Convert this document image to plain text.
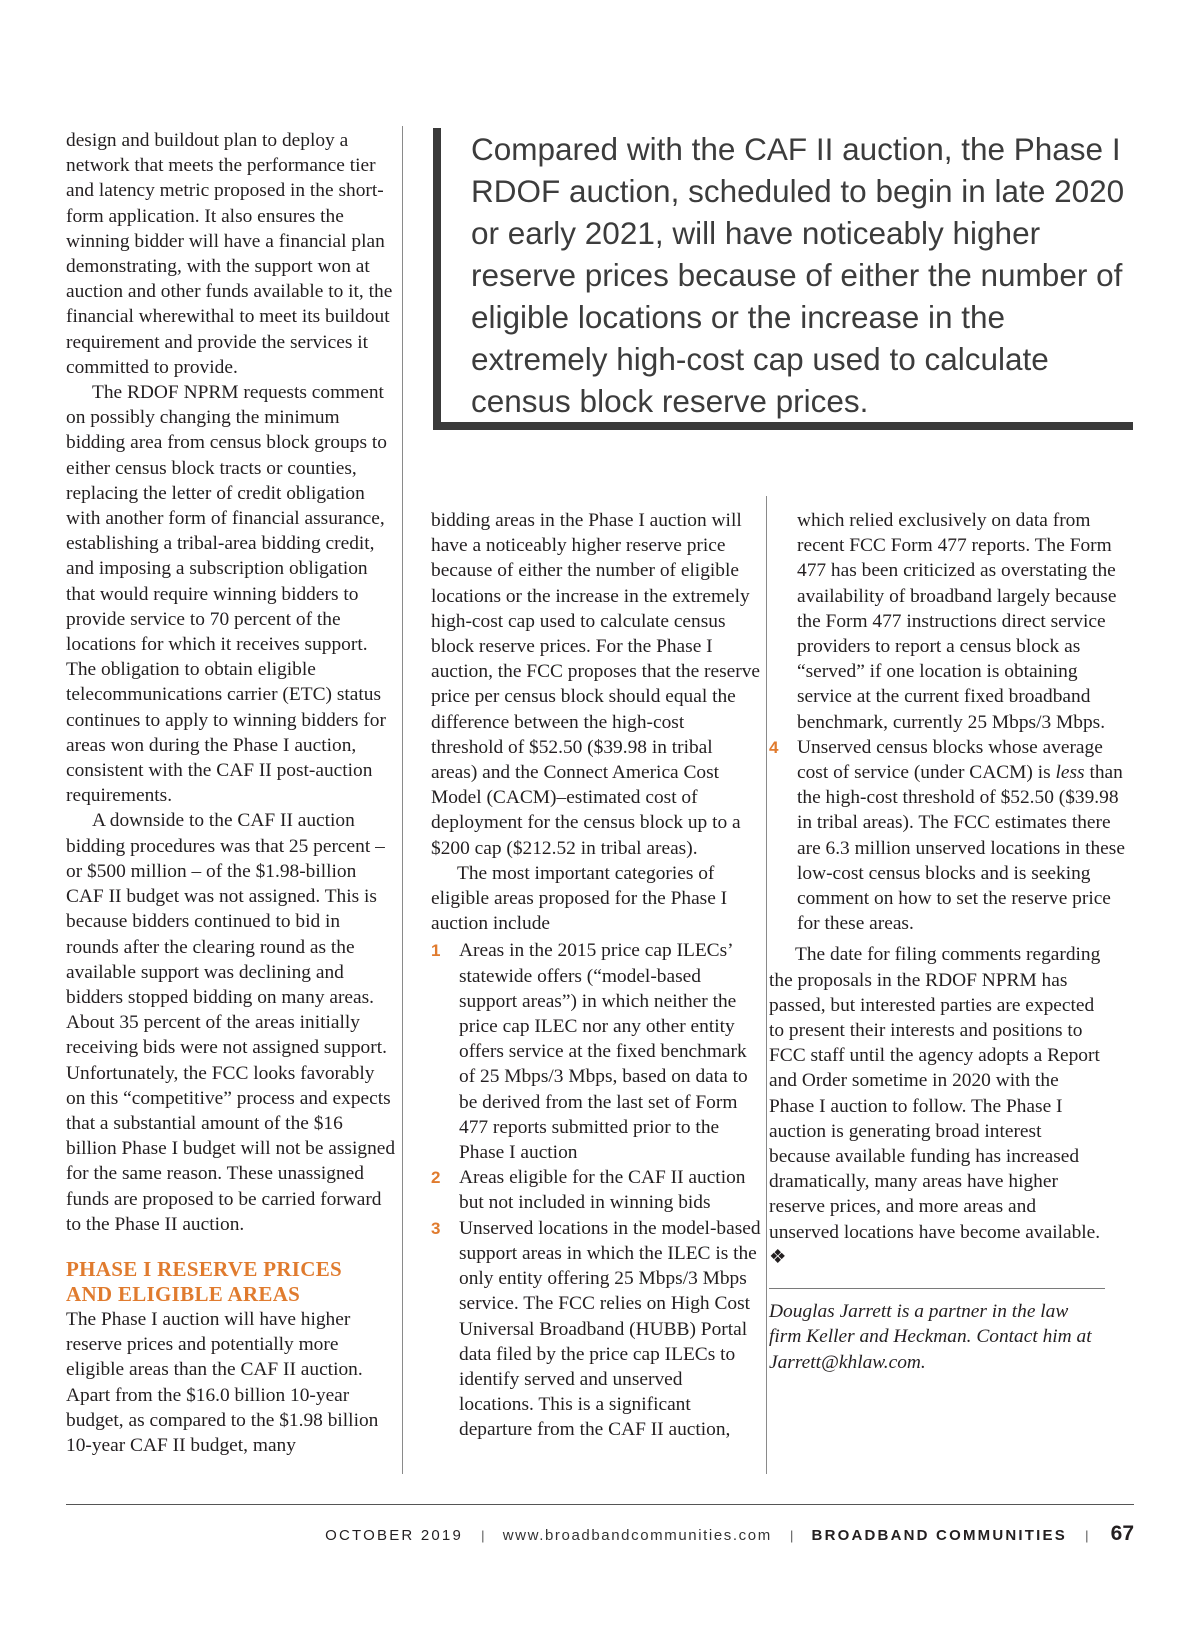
design and buildout plan to deploy a network that meets the performance tier and latency metric proposed in the short-form application. It also ensures the winning bidder will have a financial plan demonstrating, with the support won at auction and other funds available to it, the financial wherewithal to meet its buildout requirement and provide the services it committed to provide.

The RDOF NPRM requests comment on possibly changing the minimum bidding area from census block groups to either census block tracts or counties, replacing the letter of credit obligation with another form of financial assurance, establishing a tribal-area bidding credit, and imposing a subscription obligation that would require winning bidders to provide service to 70 percent of the locations for which it receives support. The obligation to obtain eligible telecommunications carrier (ETC) status continues to apply to winning bidders for areas won during the Phase I auction, consistent with the CAF II post-auction requirements.

A downside to the CAF II auction bidding procedures was that 25 percent – or $500 million – of the $1.98-billion CAF II budget was not assigned. This is because bidders continued to bid in rounds after the clearing round as the available support was declining and bidders stopped bidding on many areas. About 35 percent of the areas initially receiving bids were not assigned support. Unfortunately, the FCC looks favorably on this “competitive” process and expects that a substantial amount of the $16 billion Phase I budget will not be assigned for the same reason. These unassigned funds are proposed to be carried forward to the Phase II auction.

PHASE I RESERVE PRICES AND ELIGIBLE AREAS

The Phase I auction will have higher reserve prices and potentially more eligible areas than the CAF II auction. Apart from the $16.0 billion 10-year budget, as compared to the $1.98 billion 10-year CAF II budget, many

Compared with the CAF II auction, the Phase I RDOF auction, scheduled to begin in late 2020 or early 2021, will have noticeably higher reserve prices because of either the number of eligible locations or the increase in the extremely high-cost cap used to calculate census block reserve prices.

bidding areas in the Phase I auction will have a noticeably higher reserve price because of either the number of eligible locations or the increase in the extremely high-cost cap used to calculate census block reserve prices. For the Phase I auction, the FCC proposes that the reserve price per census block should equal the difference between the high-cost threshold of $52.50 ($39.98 in tribal areas) and the Connect America Cost Model (CACM)–estimated cost of deployment for the census block up to a $200 cap ($212.52 in tribal areas).

The most important categories of eligible areas proposed for the Phase I auction include

1 Areas in the 2015 price cap ILECs’ statewide offers (“model-based support areas”) in which neither the price cap ILEC nor any other entity offers service at the fixed benchmark of 25 Mbps/3 Mbps, based on data to be derived from the last set of Form 477 reports submitted prior to the Phase I auction
2 Areas eligible for the CAF II auction but not included in winning bids
3 Unserved locations in the model-based support areas in which the ILEC is the only entity offering 25 Mbps/3 Mbps service. The FCC relies on High Cost Universal Broadband (HUBB) Portal data filed by the price cap ILECs to identify served and unserved locations. This is a significant departure from the CAF II auction,

which relied exclusively on data from recent FCC Form 477 reports. The Form 477 has been criticized as overstating the availability of broadband largely because the Form 477 instructions direct service providers to report a census block as “served” if one location is obtaining service at the current fixed broadband benchmark, currently 25 Mbps/3 Mbps.

4 Unserved census blocks whose average cost of service (under CACM) is less than the high-cost threshold of $52.50 ($39.98 in tribal areas). The FCC estimates there are 6.3 million unserved locations in these low-cost census blocks and is seeking comment on how to set the reserve price for these areas.

The date for filing comments regarding the proposals in the RDOF NPRM has passed, but interested parties are expected to present their interests and positions to FCC staff until the agency adopts a Report and Order sometime in 2020 with the Phase I auction to follow. The Phase I auction is generating broad interest because available funding has increased dramatically, many areas have higher reserve prices, and more areas and unserved locations have become available. ❖

Douglas Jarrett is a partner in the law firm Keller and Heckman. Contact him at Jarrett@khlaw.com.

OCTOBER 2019 | www.broadbandcommunities.com | BROADBAND COMMUNITIES | 67
